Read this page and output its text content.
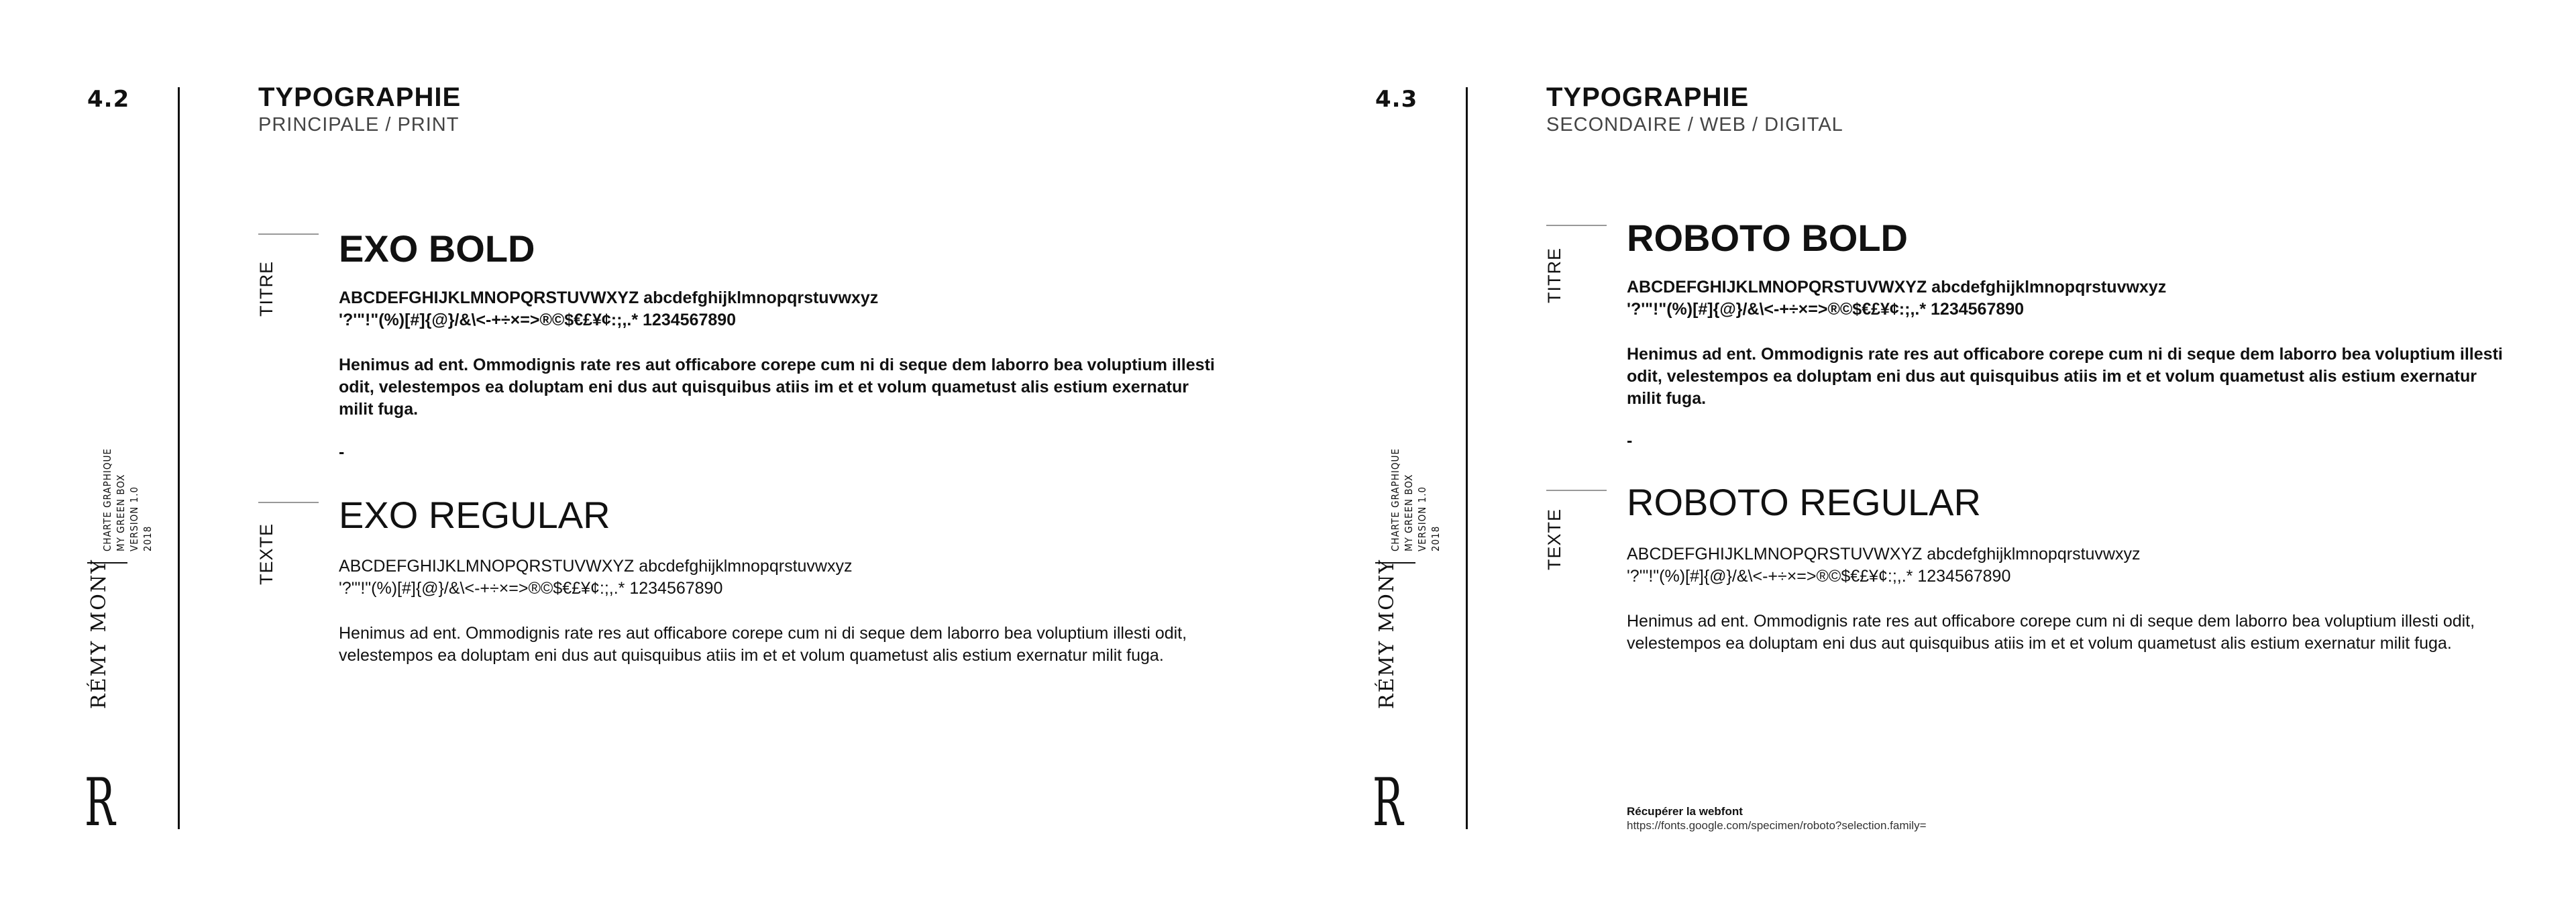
4.2
CHARTE GRAPHIQUE MY GREEN BOX VERSION 1.0 2018
RÉMY MONY
R
TYPOGRAPHIE
PRINCIPALE / PRINT
TITRE
EXO BOLD
ABCDEFGHIJKLMNOPQRSTUVWXYZ abcdefghijklmnopqrstuvwxyz
'?'"!"(%)[#]{@}/&\<-+÷×=>®©$€£¥¢:;,.* 1234567890
Henimus ad ent. Ommodignis rate res aut officabore corepe cum ni di seque dem laborro bea voluptium illesti odit, velestempos ea doluptam eni dus aut quisquibus atiis im et et volum quametust alis estium exernatur milit fuga.
-
TEXTE
EXO REGULAR
ABCDEFGHIJKLMNOPQRSTUVWXYZ abcdefghijklmnopqrstuvwxyz
'?'"!"(%)[#]{@}/&\<-+÷×=>®©$€£¥¢:;,.* 1234567890
Henimus ad ent. Ommodignis rate res aut officabore corepe cum ni di seque dem laborro bea voluptium illesti odit, velestempos ea doluptam eni dus aut quisquibus atiis im et et volum quametust alis estium exernatur milit fuga.
4.3
CHARTE GRAPHIQUE MY GREEN BOX VERSION 1.0 2018
RÉMY MONY
R
TYPOGRAPHIE
SECONDAIRE / WEB / DIGITAL
TITRE
ROBOTO BOLD
ABCDEFGHIJKLMNOPQRSTUVWXYZ abcdefghijklmnopqrstuvwxyz
'?'"!"(%)[#]{@}/&\<-+÷×=>®©$€£¥¢:;,.* 1234567890
Henimus ad ent. Ommodignis rate res aut officabore corepe cum ni di seque dem laborro bea voluptium illesti odit, velestempos ea doluptam eni dus aut quisquibus atiis im et et volum quametust alis estium exernatur milit fuga.
-
TEXTE
ROBOTO REGULAR
ABCDEFGHIJKLMNOPQRSTUVWXYZ abcdefghijklmnopqrstuvwxyz
'?'"!"(%)[#]{@}/&\<-+÷×=>®©$€£¥¢:;,.* 1234567890
Henimus ad ent. Ommodignis rate res aut officabore corepe cum ni di seque dem laborro bea voluptium illesti odit, velestempos ea doluptam eni dus aut quisquibus atiis im et et volum quametust alis estium exernatur milit fuga.
Récupérer la webfont
https://fonts.google.com/specimen/roboto?selection.family=
